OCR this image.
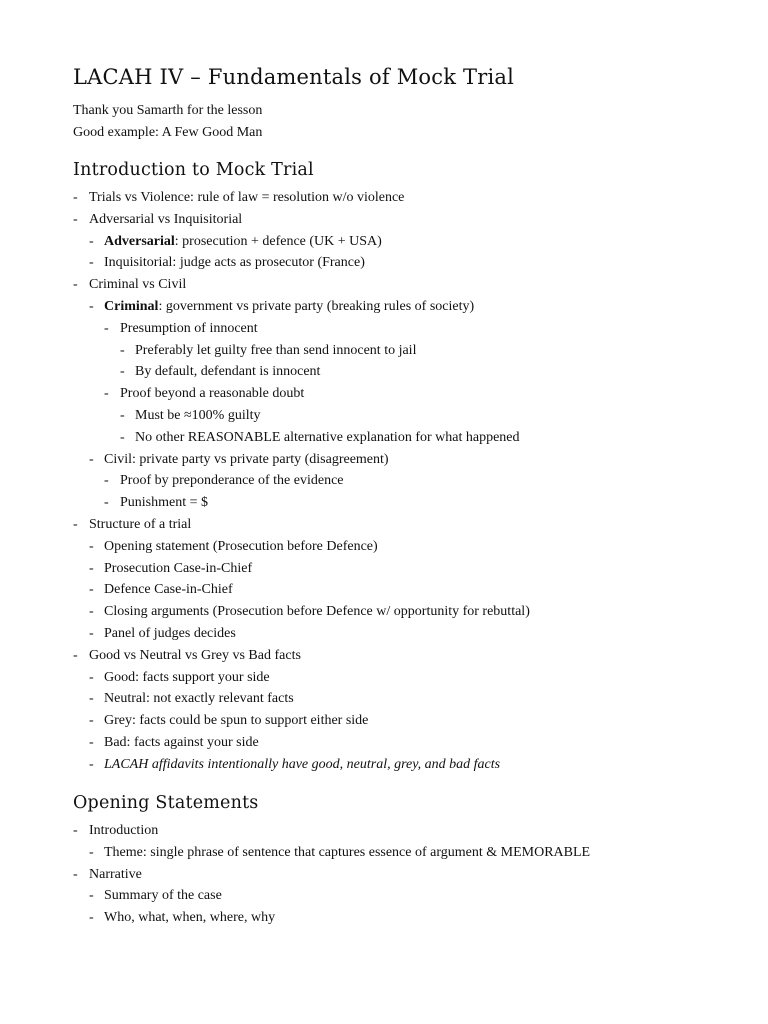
LACAH IV – Fundamentals of Mock Trial

Thank you Samarth for the lesson

Good example: A Few Good Man

Introduction to Mock Trial
- Trials vs Violence: rule of law = resolution w/o violence
- Adversarial vs Inquisitorial
- Adversarial: prosecution + defence (UK + USA)
- Inquisitorial: judge acts as prosecutor (France)
- Criminal vs Civil
- Criminal: government vs private party (breaking rules of society)
- Presumption of innocent
- Preferably let guilty free than send innocent to jail
- By default, defendant is innocent
- Proof beyond a reasonable doubt
- Must be ≈100% guilty
- No other REASONABLE alternative explanation for what happened
- Civil: private party vs private party (disagreement)
- Proof by preponderance of the evidence
- Punishment = $
- Structure of a trial
- Opening statement (Prosecution before Defence)
- Prosecution Case-in-Chief
- Defence Case-in-Chief
- Closing arguments (Prosecution before Defence w/ opportunity for rebuttal)
- Panel of judges decides
- Good vs Neutral vs Grey vs Bad facts
- Good: facts support your side
- Neutral: not exactly relevant facts
- Grey: facts could be spun to support either side
- Bad: facts against your side
- LACAH affidavits intentionally have good, neutral, grey, and bad facts
Opening Statements
- Introduction
- Theme: single phrase of sentence that captures essence of argument & MEMORABLE
- Narrative
- Summary of the case
- Who, what, when, where, why
